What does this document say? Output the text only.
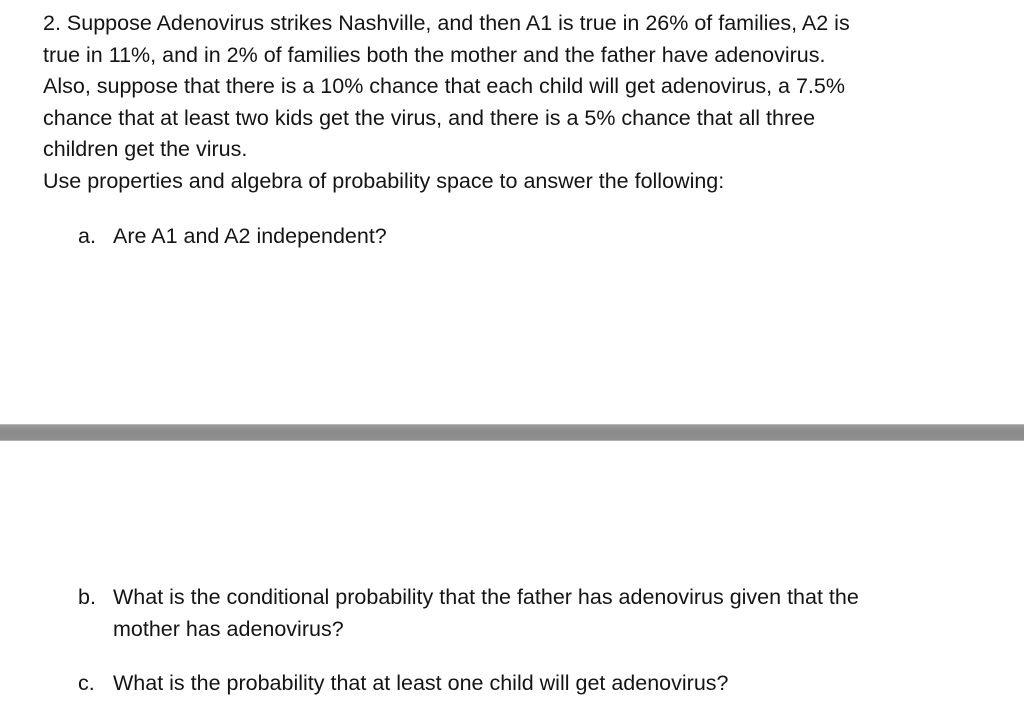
2. Suppose Adenovirus strikes Nashville, and then A1 is true in 26% of families, A2 is
true in 11%, and in 2% of families both the mother and the father have adenovirus.
Also, suppose that there is a 10% chance that each child will get adenovirus, a 7.5%
chance that at least two kids get the virus, and there is a 5% chance that all three
children get the virus.
Use properties and algebra of probability space to answer the following:
a. Are A1 and A2 independent?
b. What is the conditional probability that the father has adenovirus given that the
mother has adenovirus?
c. What is the probability that at least one child will get adenovirus?
